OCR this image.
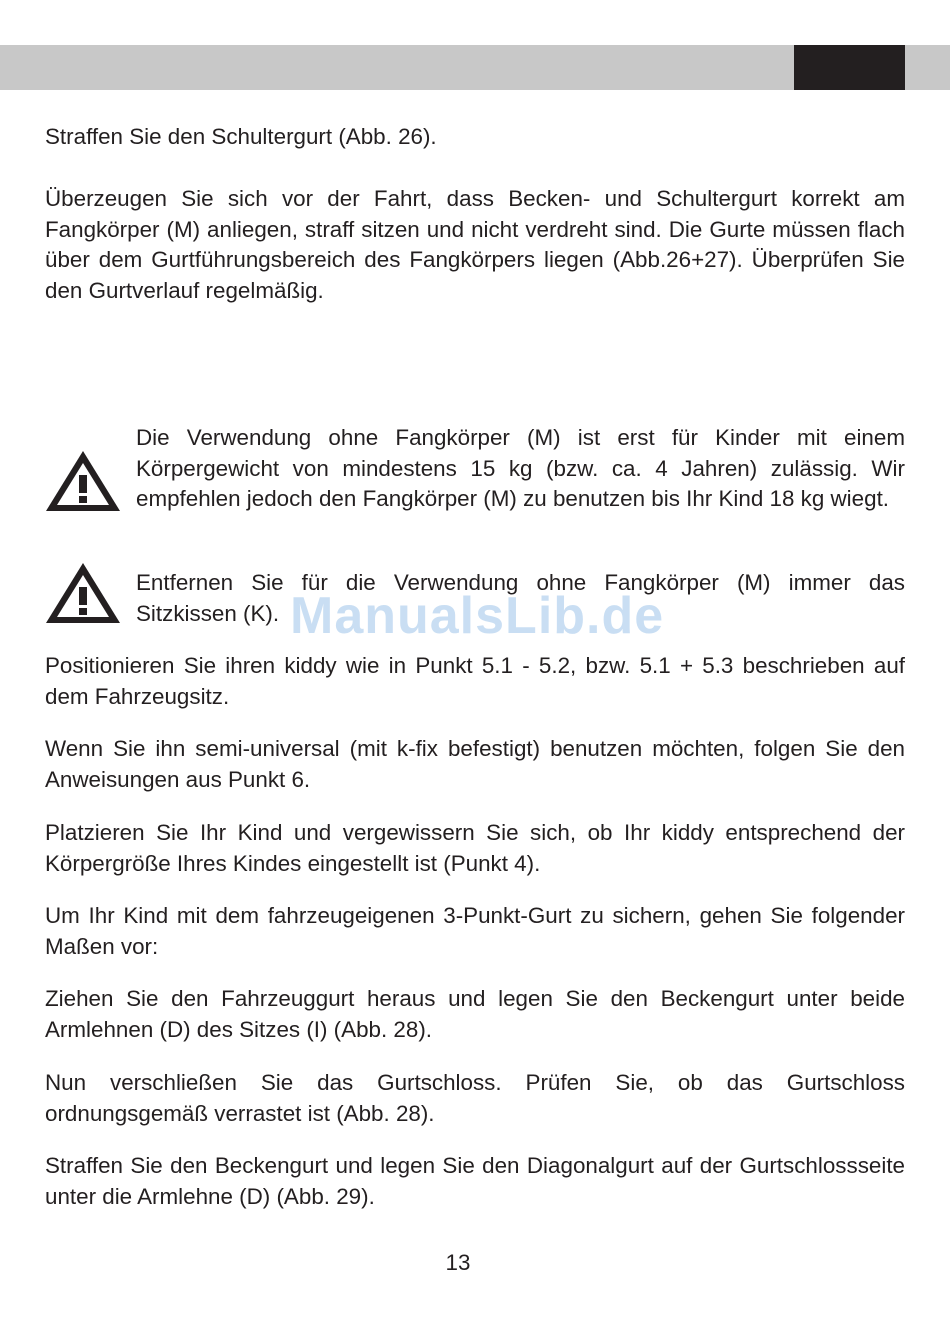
Straffen Sie den Schultergurt (Abb. 26).

Überzeugen Sie sich vor der Fahrt, dass Becken- und Schultergurt korrekt am Fangkörper (M) anliegen, straff sitzen und nicht verdreht sind. Die Gurte müssen flach über dem Gurtführungsbereich des Fangkörpers liegen (Abb.26+27). Überprüfen Sie den Gurtverlauf regelmäßig.

Die Verwendung ohne Fangkörper (M) ist erst für Kinder mit einem Körpergewicht von mindestens 15 kg (bzw. ca. 4 Jahren) zulässig. Wir empfehlen jedoch den Fangkörper (M) zu benutzen bis Ihr Kind 18 kg wiegt.

Entfernen Sie für die Verwendung ohne Fangkörper (M) immer das Sitzkissen (K). ManualsLib.de

Positionieren Sie ihren kiddy wie in Punkt 5.1 - 5.2, bzw. 5.1 + 5.3 beschrieben auf dem Fahrzeugsitz.

Wenn Sie ihn semi-universal (mit k-fix befestigt) benutzen möchten, folgen Sie den Anweisungen aus Punkt 6.

Platzieren Sie Ihr Kind und vergewissern Sie sich, ob Ihr kiddy entsprechend der Körpergröße Ihres Kindes eingestellt ist (Punkt 4).

Um Ihr Kind mit dem fahrzeugeigenen 3-Punkt-Gurt zu sichern, gehen Sie folgender Maßen vor:

Ziehen Sie den Fahrzeuggurt heraus und legen Sie den Beckengurt unter beide Armlehnen (D) des Sitzes (I) (Abb. 28).

Nun verschließen Sie das Gurtschloss. Prüfen Sie, ob das Gurtschloss ordnungsgemäß verrastet ist (Abb. 28).

Straffen Sie den Beckengurt und legen Sie den Diagonalgurt auf der Gurtschlossseite unter die Armlehne (D) (Abb. 29).

13
